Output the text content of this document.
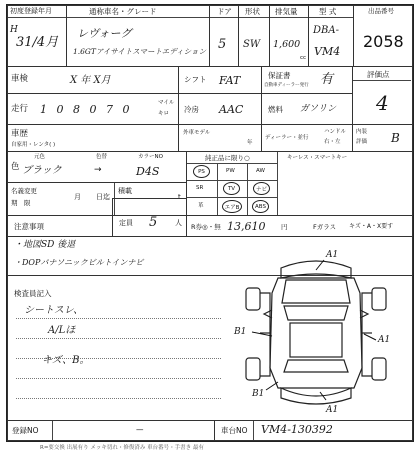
初度登録年月
H
31/4月
通称車名・グレード
レヴォーグ
1.6GTアイサイトスマートエディション
ドア
5
形状
SW
排気量
1,600
cc
型 式
DBA-
VM4
出品番号
2058
車検	X 年 X月
走行 1 0 8 0 7 0	マイル
キロ
シフト FAT
冷房 AAC
保証書
自動車ディーラー発行 有
燃料 ガソリン
評価点
4
車歴
自家用・レンタ( )
外車モデル
年
ディーラー・並行
ハンドル
右・左
内装
評価 B
色
元色	色替	カラーNO
ブラック	→	D4S
純正品に限り○	キーレス・スマートキー
PS	PW	AW
SR	TV	ナビ
革	エアB	ABS
名義変更
期　限
月 日迄
積載
t
注意事項	定員 5	人 R券◎・無 13,610 円	Fガラス キズ・A・X要す
・地図SD 後退
・DOPパナソニックビルトインナビ
検査員記入
シートスレ、
A/Lほ
キズ、B。
A1
B1
A1
B1
A1
登録NO	—	車台NO VM4-130392
R=要交換 出展有り メッキ切れ・修復済み 車台番号・手書き 最有
